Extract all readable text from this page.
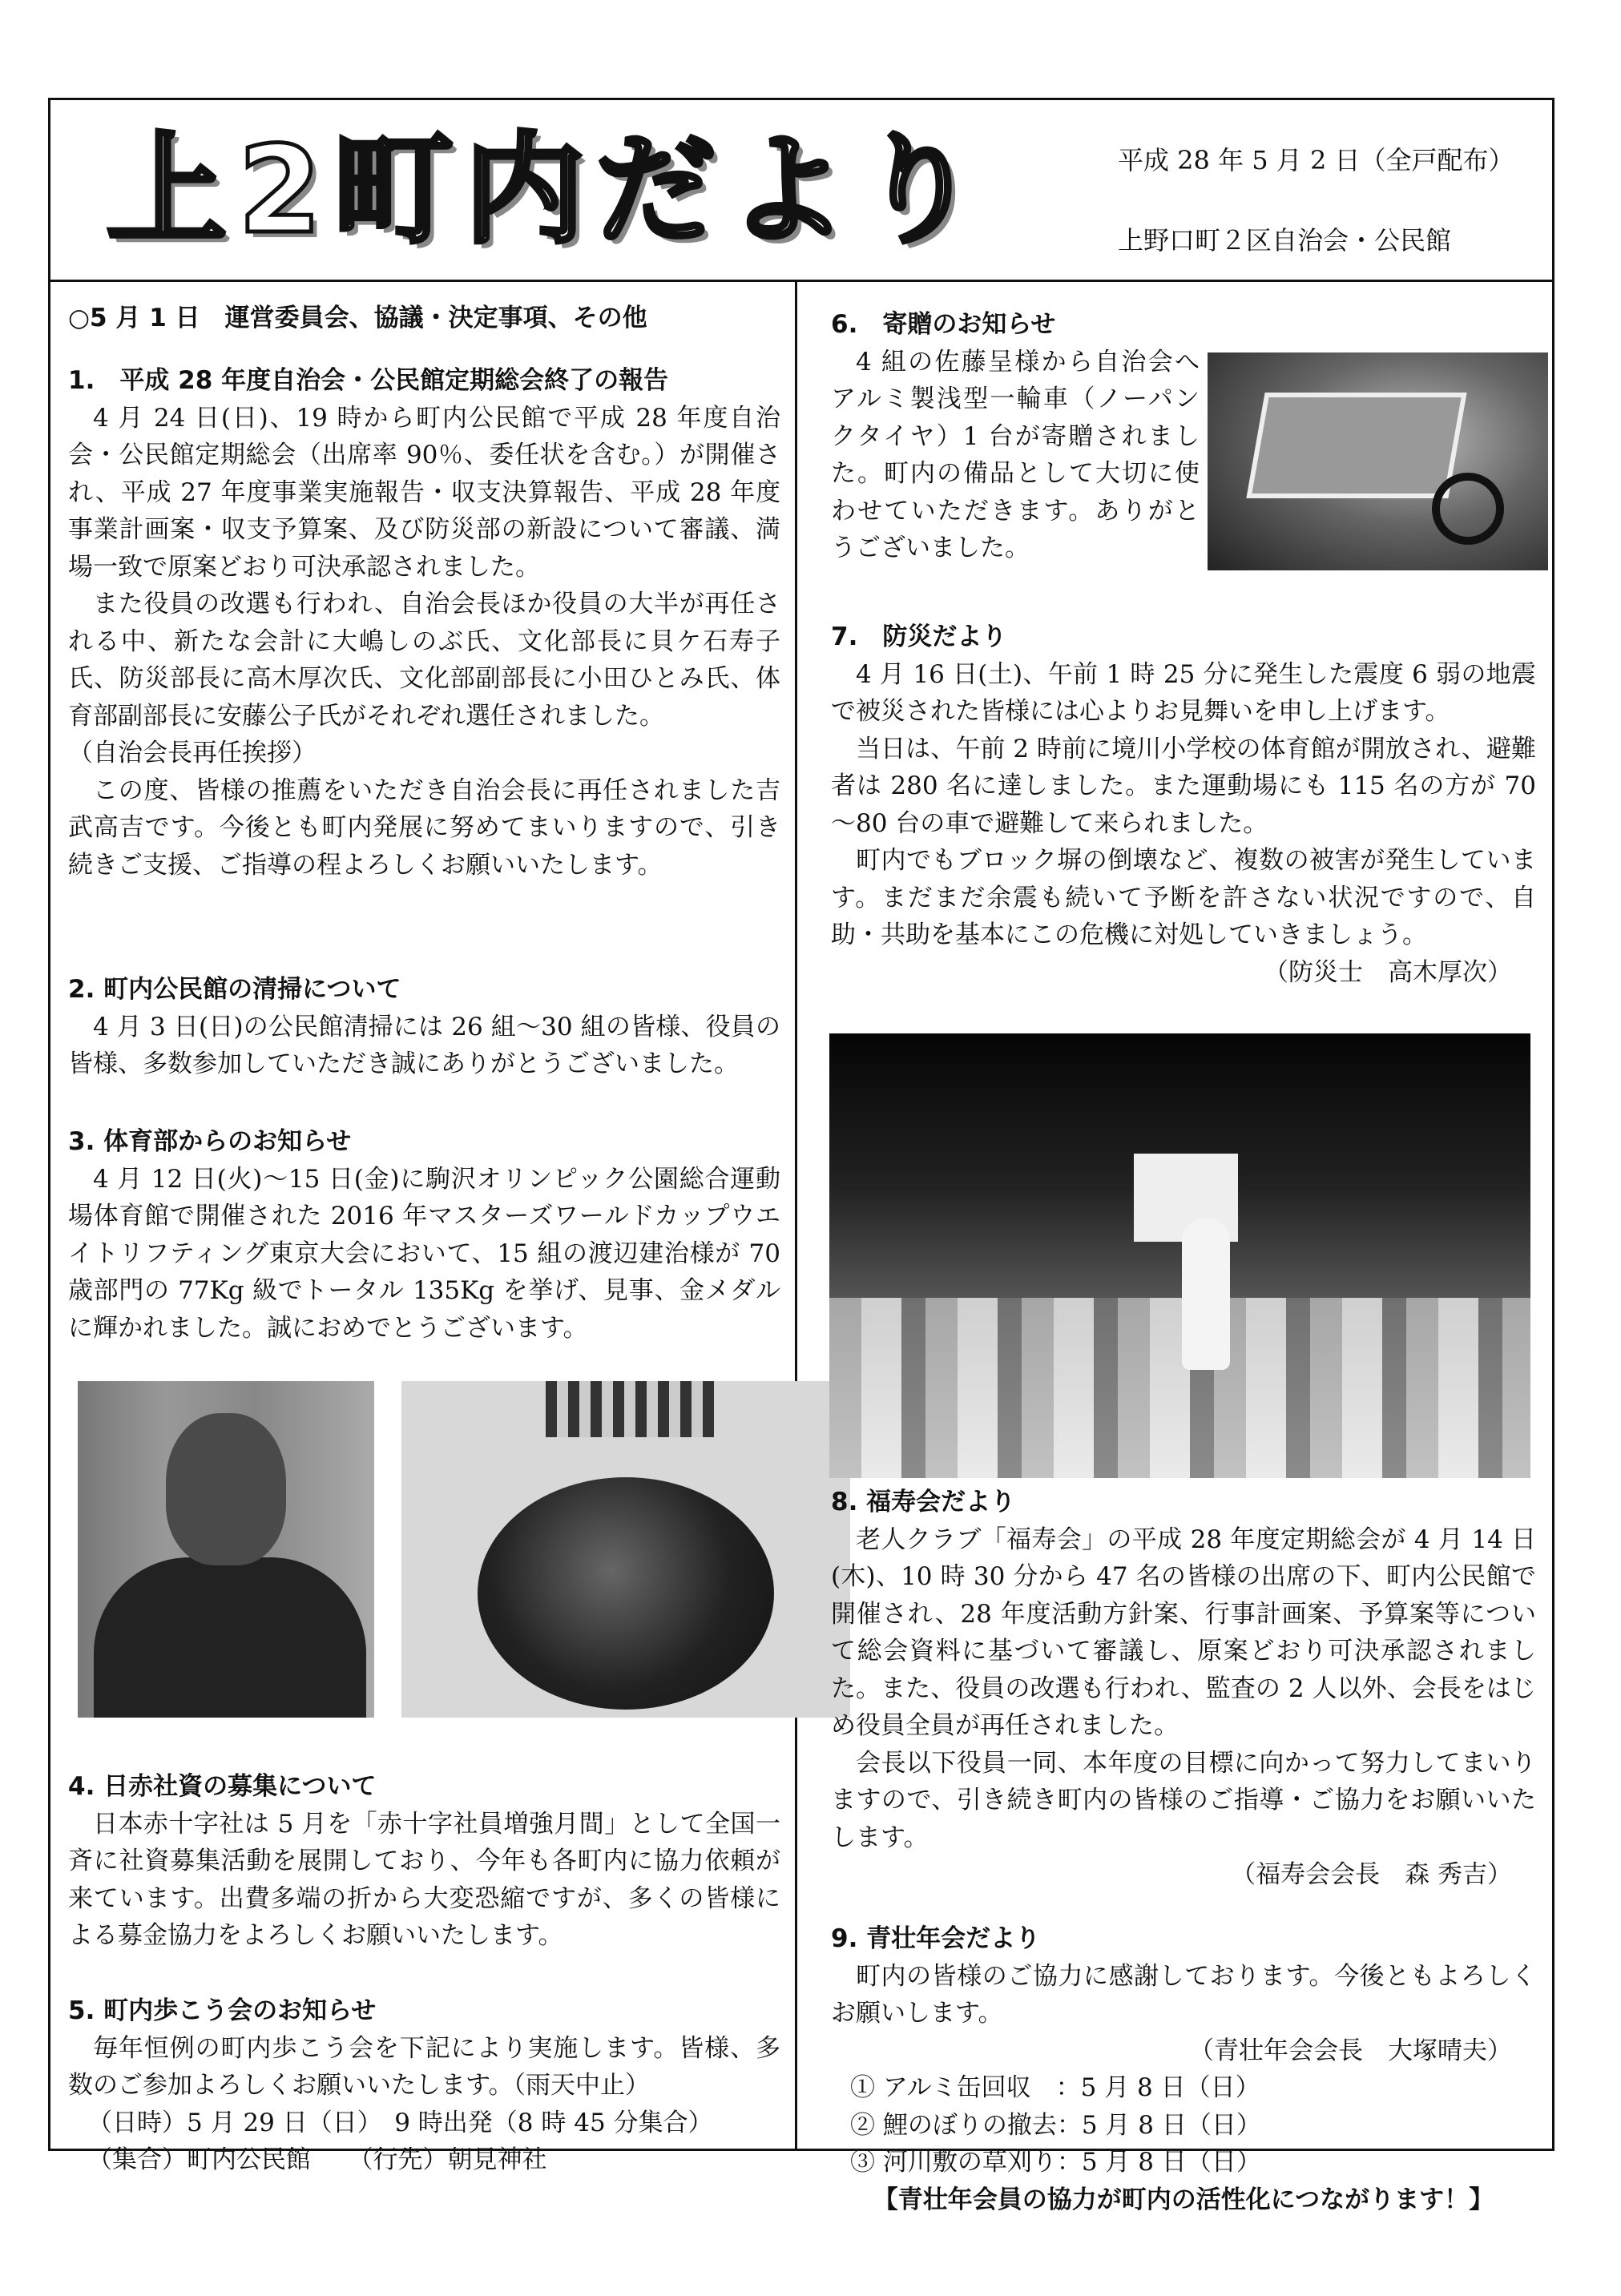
上2町内だより	平成 28 年 5 月 2 日（全戸配布）
上野口町２区自治会・公民館
○5 月 1 日　運営委員会、協議・決定事項、その他
1.　平成 28 年度自治会・公民館定期総会終了の報告

4 月 24 日(日)、19 時から町内公民館で平成 28 年度自治会・公民館定期総会（出席率 90％、委任状を含む。）が開催され、平成 27 年度事業実施報告・収支決算報告、平成 28 年度事業計画案・収支予算案、及び防災部の新設について審議、満場一致で原案どおり可決承認されました。

また役員の改選も行われ、自治会長ほか役員の大半が再任される中、新たな会計に大嶋しのぶ氏、文化部長に貝ケ石寿子氏、防災部長に高木厚次氏、文化部副部長に小田ひとみ氏、体育部副部長に安藤公子氏がそれぞれ選任されました。

（自治会長再任挨拶）

この度、皆様の推薦をいただき自治会長に再任されました吉武高吉です。今後とも町内発展に努めてまいりますので、引き続きご支援、ご指導の程よろしくお願いいたします。

2. 町内公民館の清掃について

4 月 3 日(日)の公民館清掃には 26 組～30 組の皆様、役員の皆様、多数参加していただき誠にありがとうございました。

3. 体育部からのお知らせ

4 月 12 日(火)～15 日(金)に駒沢オリンピック公園総合運動場体育館で開催された 2016 年マスターズワールドカップウエイトリフティング東京大会において、15 組の渡辺建治様が 70 歳部門の 77Kg 級でトータル 135Kg を挙げ、見事、金メダルに輝かれました。誠におめでとうございます。

4. 日赤社資の募集について

日本赤十字社は 5 月を「赤十字社員増強月間」として全国一斉に社資募集活動を展開しており、今年も各町内に協力依頼が来ています。出費多端の折から大変恐縮ですが、多くの皆様による募金協力をよろしくお願いいたします。

5. 町内歩こう会のお知らせ

毎年恒例の町内歩こう会を下記により実施します。皆様、多数のご参加よろしくお願いいたします。（雨天中止）

（日時）5 月 29 日（日）　9 時出発（8 時 45 分集合）
（集合）町内公民館　　（行先）朝見神社
6.　寄贈のお知らせ

4 組の佐藤呈様から自治会へアルミ製浅型一輪車（ノーパンクタイヤ）1 台が寄贈されました。町内の備品として大切に使わせていただきます。ありがとうございました。

7.　防災だより

4 月 16 日(土)、午前 1 時 25 分に発生した震度 6 弱の地震で被災された皆様には心よりお見舞いを申し上げます。

当日は、午前 2 時前に境川小学校の体育館が開放され、避難者は 280 名に達しました。また運動場にも 115 名の方が 70～80 台の車で避難して来られました。

町内でもブロック塀の倒壊など、複数の被害が発生しています。まだまだ余震も続いて予断を許さない状況ですので、自助・共助を基本にこの危機に対処していきましょう。

（防災士　高木厚次）
8. 福寿会だより

老人クラブ「福寿会」の平成 28 年度定期総会が 4 月 14 日(木)、10 時 30 分から 47 名の皆様の出席の下、町内公民館で開催され、28 年度活動方針案、行事計画案、予算案等について総会資料に基づいて審議し、原案どおり可決承認されました。また、役員の改選も行われ、監査の 2 人以外、会長をはじめ役員全員が再任されました。

会長以下役員一同、本年度の目標に向かって努力してまいりますので、引き続き町内の皆様のご指導・ご協力をお願いいたします。

（福寿会会長　森 秀吉）
9. 青壮年会だより

町内の皆様のご協力に感謝しております。今後ともよろしくお願いします。

（青壮年会会長　大塚晴夫）
① アルミ缶回収　：5 月 8 日（日）
② 鯉のぼりの撤去：5 月 8 日（日）
③ 河川敷の草刈り：5 月 8 日（日）
【青壮年会員の協力が町内の活性化につながります！】
